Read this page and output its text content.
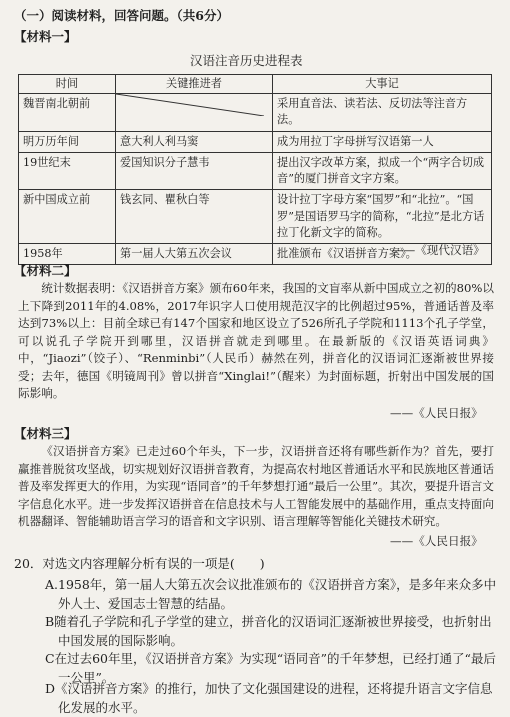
（一）阅读材料，回答问题。（共6分）
【材料一】
汉语注音历史进程表
时间	关键推进者	大事记
魏晋南北朝前		采用直音法、读若法、反切法等注音方法。
明万历年间	意大利人利马窦	成为用拉丁字母拼写汉语第一人
19世纪末	爱国知识分子慧韦	提出汉字改革方案，拟成一个“两字合切成音”的厦门拼音文字方案。
新中国成立前	钱玄同、瞿秋白等	设计拉丁字母方案“国罗”和“北拉”。“国罗”是国语罗马字的简称，“北拉”是北方话拉丁化新文字的简称。
1958年	第一届人大第五次会议	批准颁布《汉语拼音方案》。
——《现代汉语》
【材料二】
统计数据表明：《汉语拼音方案》颁布60年来，我国的文盲率从新中国成立之初的80%以上下降到2011年的4.08%，2017年识字人口使用规范汉字的比例超过95%，普通话普及率达到73%以上：目前全球已有147个国家和地区设立了526所孔子学院和1113个孔子学堂，可以说孔子学院开到哪里，汉语拼音就走到哪里。在最新版的《汉语英语词典》中，“Jiaozi”（饺子）、“Renminbi”（人民币）赫然在列，拼音化的汉语词汇逐渐被世界接受；去年，德国《明镜周刊》曾以拼音“Xinglai!”（醒来）为封面标题，折射出中国发展的国际影响。
——《人民日报》
【材料三】
《汉语拼音方案》已走过60个年头，下一步，汉语拼音还将有哪些新作为？首先，要打赢推普脱贫攻坚战，切实规划好汉语拼音教育，为提高农村地区普通话水平和民族地区普通话普及率发挥更大的作用，为实现“语同音”的千年梦想打通“最后一公里”。其次，要提升语言文字信息化水平。进一步发挥汉语拼音在信息技术与人工智能发展中的基础作用，重点支持面向机器翻译、智能辅助语言学习的语音和文字识别、语言理解等智能化关键技术研究。
——《人民日报》
20．对选文内容理解分析有误的一项是(　　)
A.1958年，第一届人大第五次会议批准颁布的《汉语拼音方案》，是多年来众多中外人士、爱国志士智慧的结晶。
B随着孔子学院和孔子学堂的建立，拼音化的汉语词汇逐渐被世界接受，也折射出中国发展的国际影响。
C在过去60年里，《汉语拼音方案》为实现“语同音”的千年梦想，已经打通了“最后一公里”。
D《汉语拼音方案》的推行，加快了文化强国建设的进程，还将提升语言文字信息化发展的水平。
